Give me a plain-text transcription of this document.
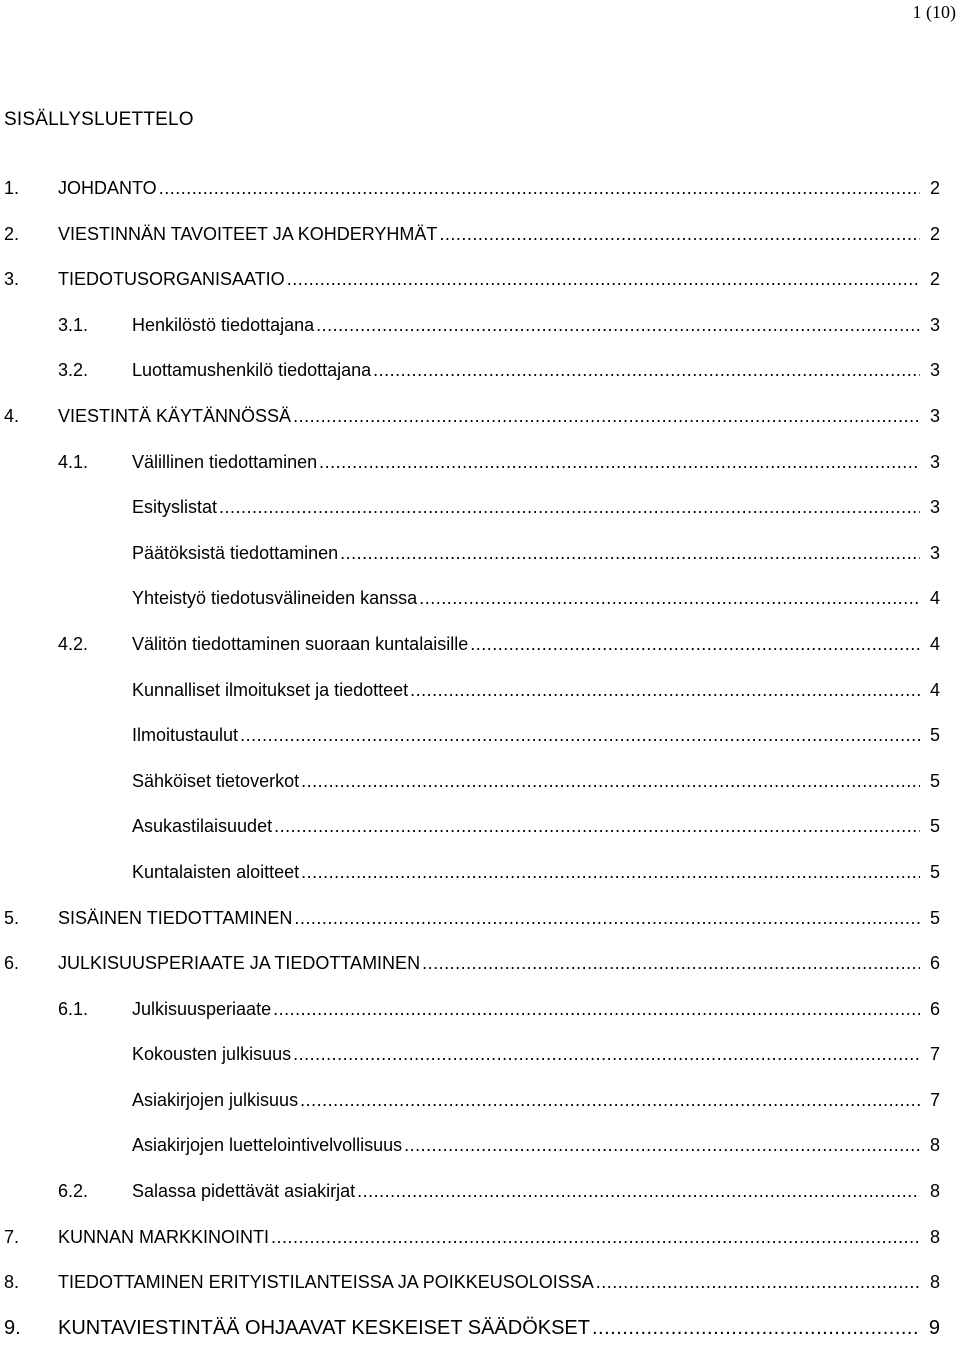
1 (10)
SISÄLLYSLUETTELO
1. JOHDANTO .....	2
2. VIESTINNÄN TAVOITEET JA KOHDERYHMÄT .....	2
3. TIEDOTUSORGANISAATIO .....	2
3.1. Henkilöstö tiedottajana .....	3
3.2. Luottamushenkilö tiedottajana .....	3
4. VIESTINTÄ KÄYTÄNNÖSSÄ .....	3
4.1. Välillinen tiedottaminen .....	3
Esityslistat .....	3
Päätöksistä tiedottaminen .....	3
Yhteistyö tiedotusvälineiden kanssa .....	4
4.2. Välitön tiedottaminen suoraan kuntalaisille .....	4
Kunnalliset ilmoitukset ja tiedotteet .....	4
Ilmoitustaulut .....	5
Sähköiset tietoverkot .....	5
Asukastilaisuudet .....	5
Kuntalaisten aloitteet .....	5
5. SISÄINEN TIEDOTTAMINEN .....	5
6. JULKISUUSPERIAATE JA TIEDOTTAMINEN .....	6
6.1. Julkisuusperiaate .....	6
Kokousten julkisuus .....	7
Asiakirjojen julkisuus .....	7
Asiakirjojen luettelointivelvollisuus .....	8
6.2. Salassa pidettävät asiakirjat .....	8
7. KUNNAN MARKKINOINTI .....	8
8. TIEDOTTAMINEN ERITYISTILANTEISSA JA POIKKEUSOLOISSA .....	8
9. KUNTAVIESTINTÄÄ OHJAAVAT KESKEISET SÄÄDÖKSET .....	9
